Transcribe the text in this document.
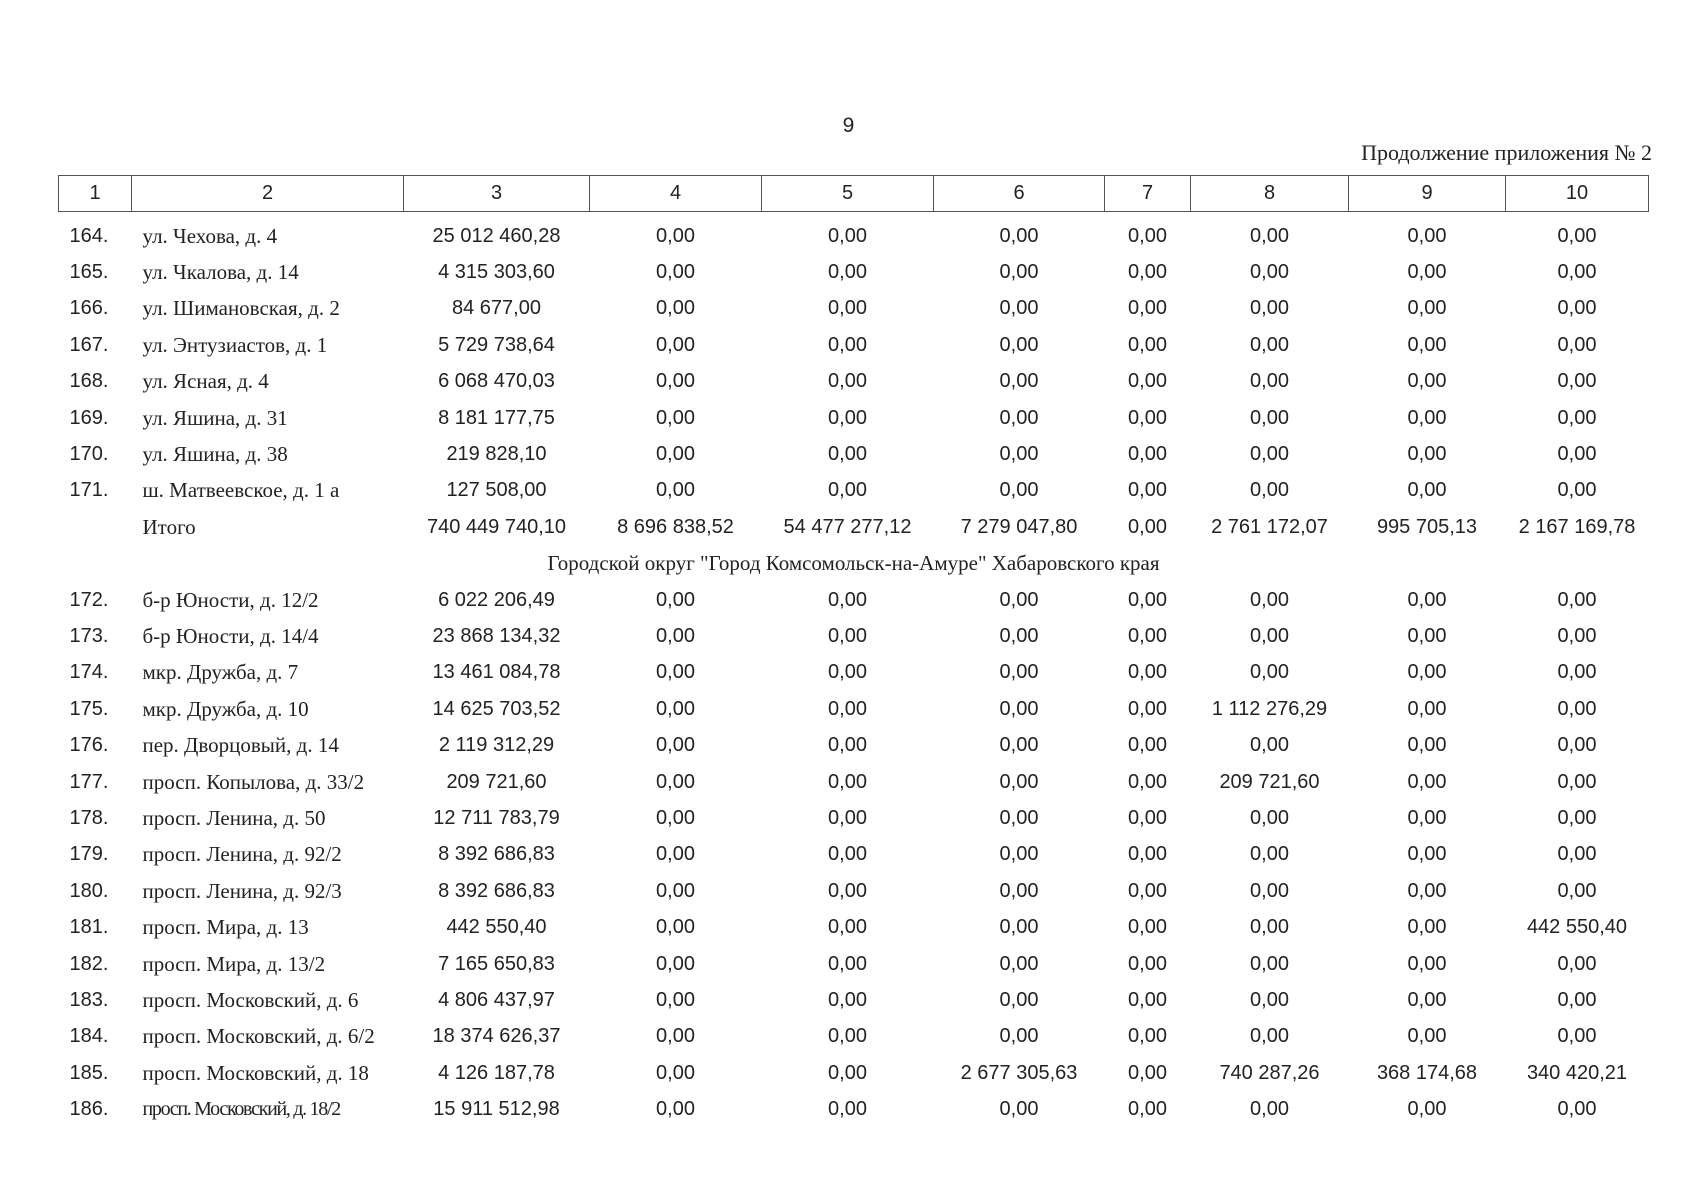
9
Продолжение приложения № 2
1	2	3	4	5	6	7	8	9	10
164.	ул. Чехова, д. 4	25 012 460,28	0,00	0,00	0,00	0,00	0,00	0,00	0,00
165.	ул. Чкалова, д. 14	4 315 303,60	0,00	0,00	0,00	0,00	0,00	0,00	0,00
166.	ул. Шимановская, д. 2	84 677,00	0,00	0,00	0,00	0,00	0,00	0,00	0,00
167.	ул. Энтузиастов, д. 1	5 729 738,64	0,00	0,00	0,00	0,00	0,00	0,00	0,00
168.	ул. Ясная, д. 4	6 068 470,03	0,00	0,00	0,00	0,00	0,00	0,00	0,00
169.	ул. Яшина, д. 31	8 181 177,75	0,00	0,00	0,00	0,00	0,00	0,00	0,00
170.	ул. Яшина, д. 38	219 828,10	0,00	0,00	0,00	0,00	0,00	0,00	0,00
171.	ш. Матвеевское, д. 1 а	127 508,00	0,00	0,00	0,00	0,00	0,00	0,00	0,00
	Итого	740 449 740,10	8 696 838,52	54 477 277,12	7 279 047,80	0,00	2 761 172,07	995 705,13	2 167 169,78
Городской округ "Город Комсомольск-на-Амуре" Хабаровского края									
172.	б-р Юности, д. 12/2	6 022 206,49	0,00	0,00	0,00	0,00	0,00	0,00	0,00
173.	б-р Юности, д. 14/4	23 868 134,32	0,00	0,00	0,00	0,00	0,00	0,00	0,00
174.	мкр. Дружба, д. 7	13 461 084,78	0,00	0,00	0,00	0,00	0,00	0,00	0,00
175.	мкр. Дружба, д. 10	14 625 703,52	0,00	0,00	0,00	0,00	1 112 276,29	0,00	0,00
176.	пер. Дворцовый, д. 14	2 119 312,29	0,00	0,00	0,00	0,00	0,00	0,00	0,00
177.	просп. Копылова, д. 33/2	209 721,60	0,00	0,00	0,00	0,00	209 721,60	0,00	0,00
178.	просп. Ленина, д. 50	12 711 783,79	0,00	0,00	0,00	0,00	0,00	0,00	0,00
179.	просп. Ленина, д. 92/2	8 392 686,83	0,00	0,00	0,00	0,00	0,00	0,00	0,00
180.	просп. Ленина, д. 92/3	8 392 686,83	0,00	0,00	0,00	0,00	0,00	0,00	0,00
181.	просп. Мира, д. 13	442 550,40	0,00	0,00	0,00	0,00	0,00	0,00	442 550,40
182.	просп. Мира, д. 13/2	7 165 650,83	0,00	0,00	0,00	0,00	0,00	0,00	0,00
183.	просп. Московский, д. 6	4 806 437,97	0,00	0,00	0,00	0,00	0,00	0,00	0,00
184.	просп. Московский, д. 6/2	18 374 626,37	0,00	0,00	0,00	0,00	0,00	0,00	0,00
185.	просп. Московский, д. 18	4 126 187,78	0,00	0,00	2 677 305,63	0,00	740 287,26	368 174,68	340 420,21
186.	просп. Московский, д. 18/2	15 911 512,98	0,00	0,00	0,00	0,00	0,00	0,00	0,00
